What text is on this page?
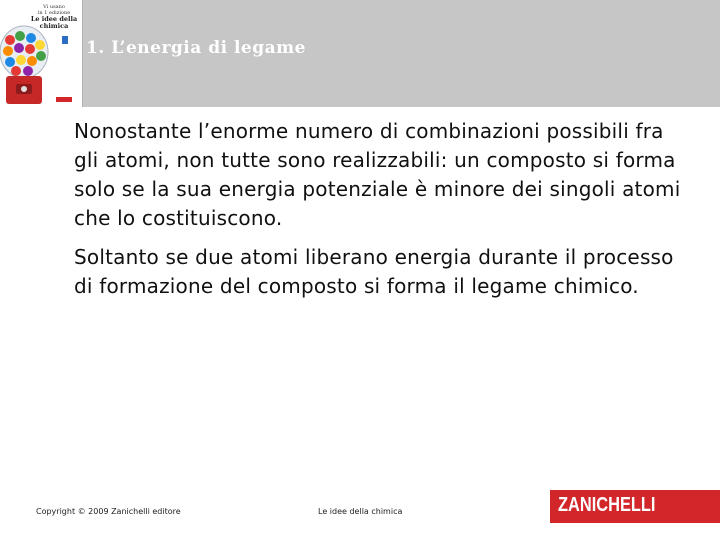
Vi usano
in 1 edizione
Le idee della
chimica
1. L’energia di legame

Nonostante l’enorme numero di combinazioni possibili fra gli atomi, non tutte sono realizzabili: un composto si forma solo se la sua energia potenziale è minore dei singoli atomi che lo costituiscono.

Soltanto se due atomi liberano energia durante il processo di formazione del composto si forma il legame chimico.

Copyright © 2009 Zanichelli editore	Le idee della chimica	ZANICHELLI
